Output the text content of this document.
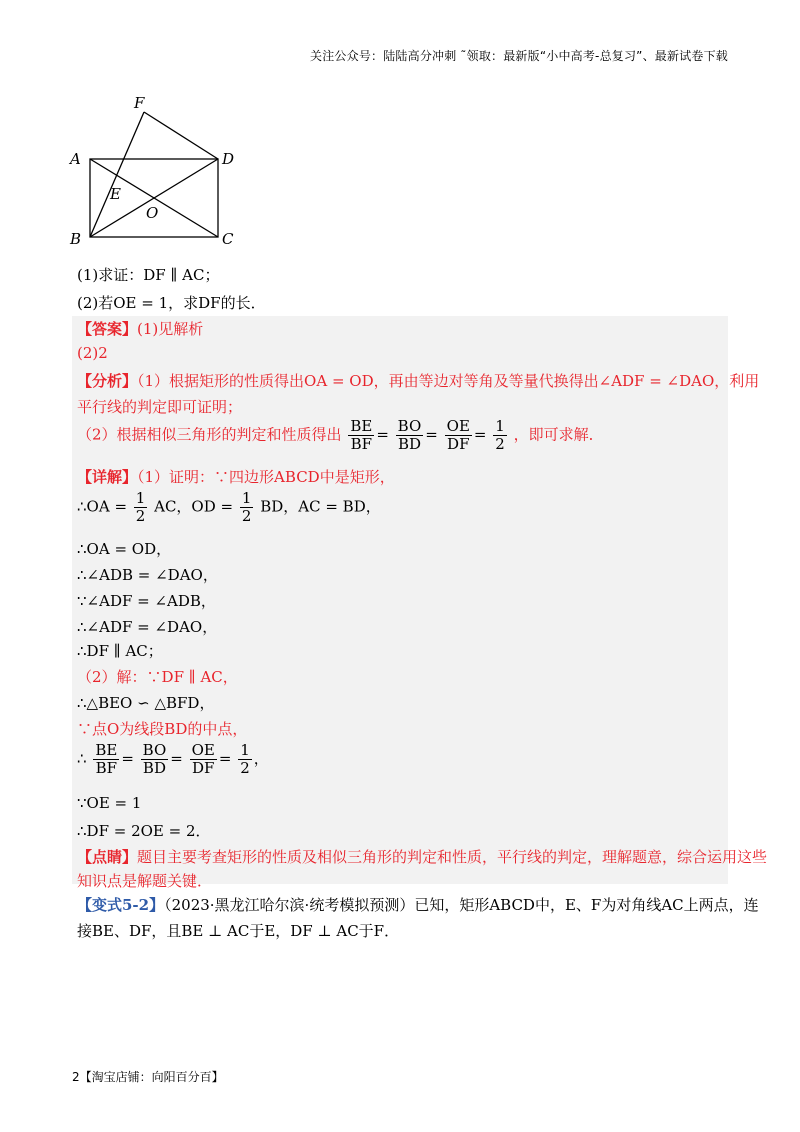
关注公众号：陆陆高分冲刺 ˜领取：最新版“小中高考-总复习”、最新试卷下载
F
A	D
E
O
B	C
(1)求证：DF ∥ AC；
(2)若OE = 1，求DF的长．
【答案】(1)见解析
(2)2
【分析】（1）根据矩形的性质得出OA = OD，再由等边对等角及等量代换得出∠ADF = ∠DAO，利用
平行线的判定即可证明；
（2）根据相似三角形的判定和性质得出 $\frac{BE}{BF} = \frac{BO}{BD} = \frac{OE}{DF} = \frac{1}{2}$ ，即可求解．
【详解】（1）证明：∵四边形ABCD中是矩形，
∴OA = $\frac{1}{2}$ AC，OD = $\frac{1}{2}$ BD，AC = BD，
∴OA = OD，
∴∠ADB = ∠DAO，
∵∠ADF = ∠ADB，
∴∠ADF = ∠DAO，
∴DF ∥ AC；
（2）解：∵DF ∥ AC，
∴△BEO ∽ △BFD，
∵点O为线段BD的中点，
∴ $\frac{BE}{BF} = \frac{BO}{BD} = \frac{OE}{DF} = \frac{1}{2}$ ，
∵OE = 1
∴DF = 2OE = 2．
【点睛】题目主要考查矩形的性质及相似三角形的判定和性质，平行线的判定，理解题意，综合运用这些
知识点是解题关键．
【变式5-2】（2023·黑龙江哈尔滨·统考模拟预测）已知，矩形ABCD中，E、F为对角线AC上两点，连
接BE、DF，且BE ⊥ AC于E，DF ⊥ AC于F．
2【淘宝店铺：向阳百分百】
